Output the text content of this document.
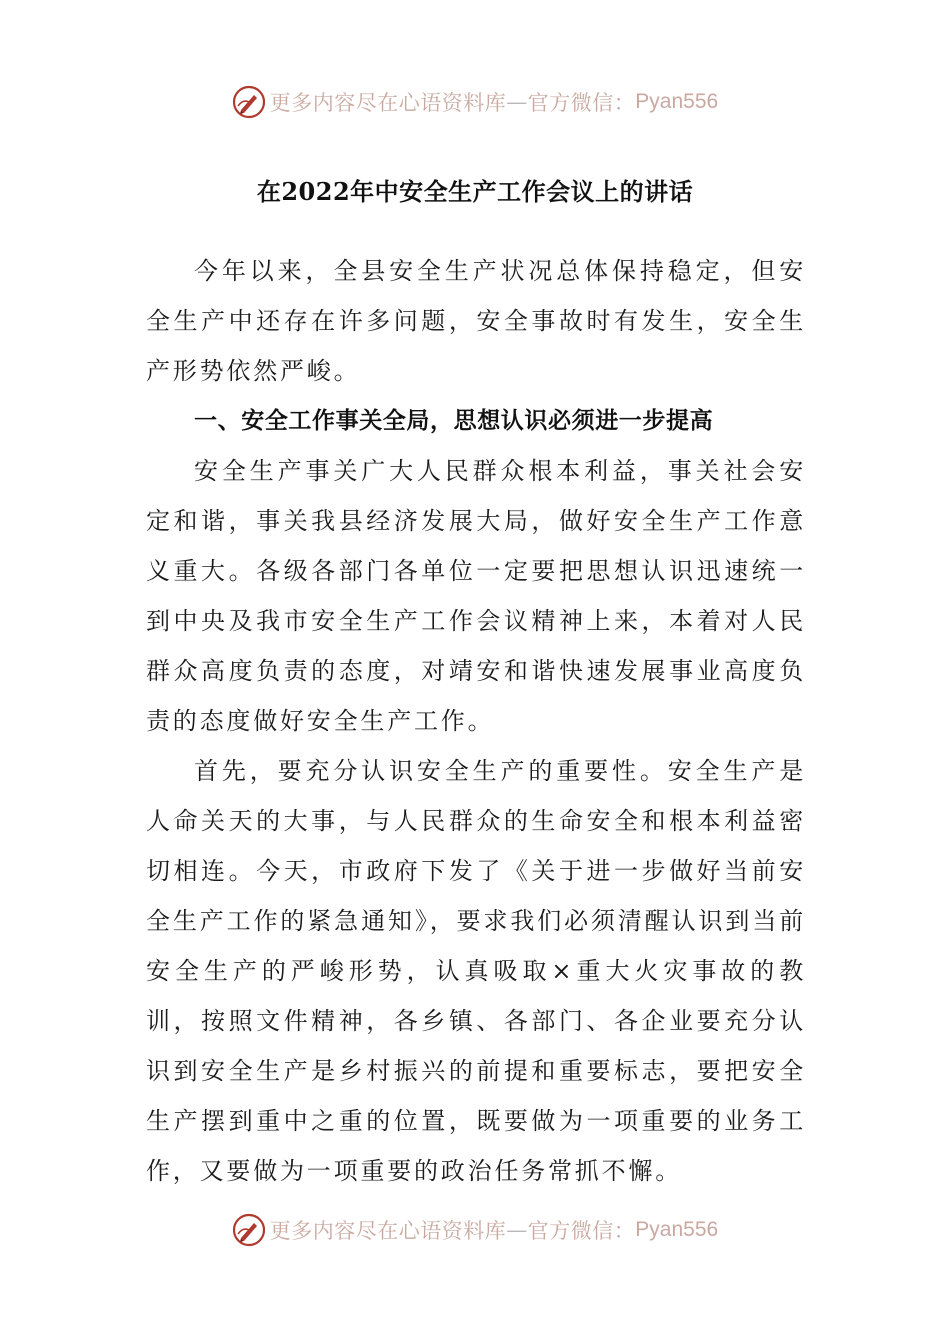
更多内容尽在心语资料库 — 官方微信： Pyan556
在2022年中安全生产工作会议上的讲话

今年以来，全县安全生产状况总体保持稳定，但安全生产中还存在许多问题，安全事故时有发生，安全生产形势依然严峻。

一、安全工作事关全局，思想认识必须进一步提高

安全生产事关广大人民群众根本利益，事关社会安定和谐，事关我县经济发展大局，做好安全生产工作意义重大。各级各部门各单位一定要把思想认识迅速统一到中央及我市安全生产工作会议精神上来，本着对人民群众高度负责的态度，对靖安和谐快速发展事业高度负责的态度做好安全生产工作。

首先，要充分认识安全生产的重要性。安全生产是人命关天的大事，与人民群众的生命安全和根本利益密切相连。今天，市政府下发了《关于进一步做好当前安全生产工作的紧急通知》，要求我们必须清醒认识到当前安全生产的严峻形势，认真吸取×重大火灾事故的教训，按照文件精神，各乡镇、各部门、各企业要充分认识到安全生产是乡村振兴的前提和重要标志，要把安全生产摆到重中之重的位置，既要做为一项重要的业务工作，又要做为一项重要的政治任务常抓不懈。

更多内容尽在心语资料库 — 官方微信： Pyan556
